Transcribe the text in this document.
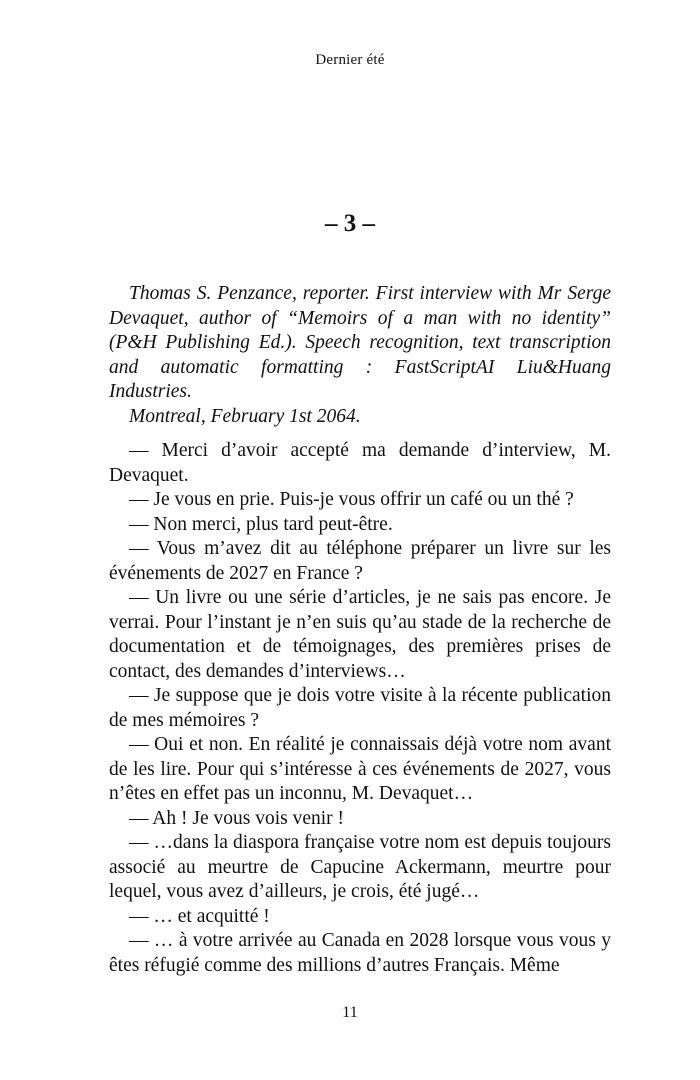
Dernier été
– 3 –

Thomas S. Penzance, reporter. First interview with Mr Serge Devaquet, author of “Memoirs of a man with no identity” (P&H Publishing Ed.). Speech recognition, text transcription and automatic formatting : FastScriptAI Liu&Huang Industries.

Montreal, February 1st 2064.

— Merci d’avoir accepté ma demande d’interview, M. Devaquet.

— Je vous en prie. Puis-je vous offrir un café ou un thé ?

— Non merci, plus tard peut-être.

— Vous m’avez dit au téléphone préparer un livre sur les événements de 2027 en France ?

— Un livre ou une série d’articles, je ne sais pas encore. Je verrai. Pour l’instant je n’en suis qu’au stade de la recherche de documentation et de témoignages, des premières prises de contact, des demandes d’interviews…

— Je suppose que je dois votre visite à la récente publication de mes mémoires ?

— Oui et non. En réalité je connaissais déjà votre nom avant de les lire. Pour qui s’intéresse à ces événements de 2027, vous n’êtes en effet pas un inconnu, M. Devaquet…

— Ah ! Je vous vois venir !

— …dans la diaspora française votre nom est depuis toujours associé au meurtre de Capucine Ackermann, meurtre pour lequel, vous avez d’ailleurs, je crois, été jugé…

— … et acquitté !

— … à votre arrivée au Canada en 2028 lorsque vous vous y êtes réfugié comme des millions d’autres Français. Même

11
